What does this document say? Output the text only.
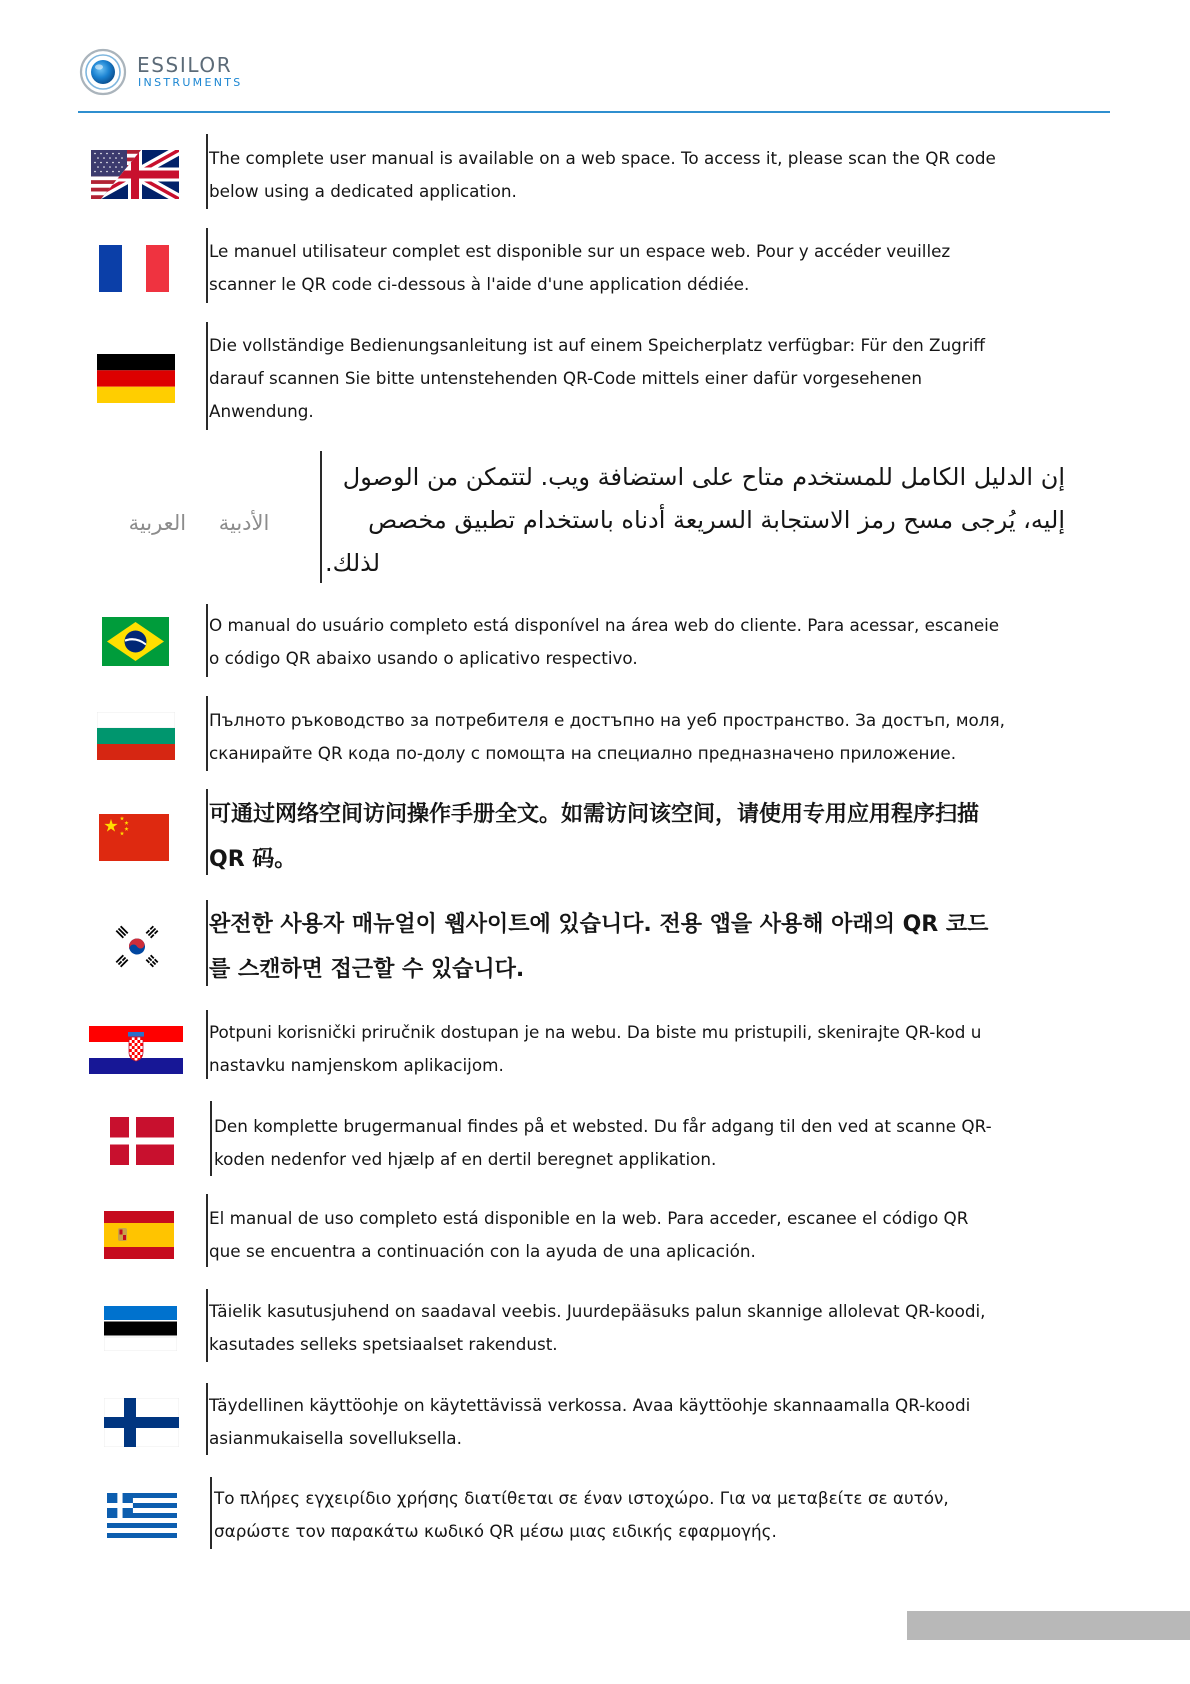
ESSILOR
INSTRUMENTS
The complete user manual is available on a web space. To access it, please scan the QR code
below using a dedicated application.
Le manuel utilisateur complet est disponible sur un espace web. Pour y accéder veuillez
scanner le QR code ci-dessous à l'aide d'une application dédiée.
Die vollständige Bedienungsanleitung ist auf einem Speicherplatz verfügbar: Für den Zugriff
darauf scannen Sie bitte untenstehenden QR-Code mittels einer dafür vorgesehenen
Anwendung.
الأدبية العربية
إن الدليل الكامل للمستخدم متاح على استضافة ويب. لتتمكن من الوصول
إليه، يُرجى مسح رمز الاستجابة السريعة أدناه باستخدام تطبيق مخصص
لذلك.
O manual do usuário completo está disponível na área web do cliente. Para acessar, escaneie
o código QR abaixo usando o aplicativo respectivo.
Пълното ръководство за потребителя е достъпно на уеб пространство. За достъп, моля,
сканирайте QR кода по-долу с помощта на специално предназначено приложение.
可通过网络空间访问操作手册全文。如需访问该空间，请使用专用应用程序扫描
QR 码。
완전한 사용자 매뉴얼이 웹사이트에 있습니다. 전용 앱을 사용해 아래의 QR 코드
를 스캔하면 접근할 수 있습니다.
Potpuni korisnički priručnik dostupan je na webu. Da biste mu pristupili, skenirajte QR-kod u
nastavku namjenskom aplikacijom.
Den komplette brugermanual findes på et websted. Du får adgang til den ved at scanne QR-
koden nedenfor ved hjælp af en dertil beregnet applikation.
El manual de uso completo está disponible en la web. Para acceder, escanee el código QR
que se encuentra a continuación con la ayuda de una aplicación.
Täielik kasutusjuhend on saadaval veebis. Juurdepääsuks palun skannige allolevat QR-koodi,
kasutades selleks spetsiaalset rakendust.
Täydellinen käyttöohje on käytettävissä verkossa. Avaa käyttöohje skannaamalla QR-koodi
asianmukaisella sovelluksella.
Το πλήρες εγχειρίδιο χρήσης διατίθεται σε έναν ιστοχώρο. Για να μεταβείτε σε αυτόν,
σαρώστε τον παρακάτω κωδικό QR μέσω μιας ειδικής εφαρμογής.
